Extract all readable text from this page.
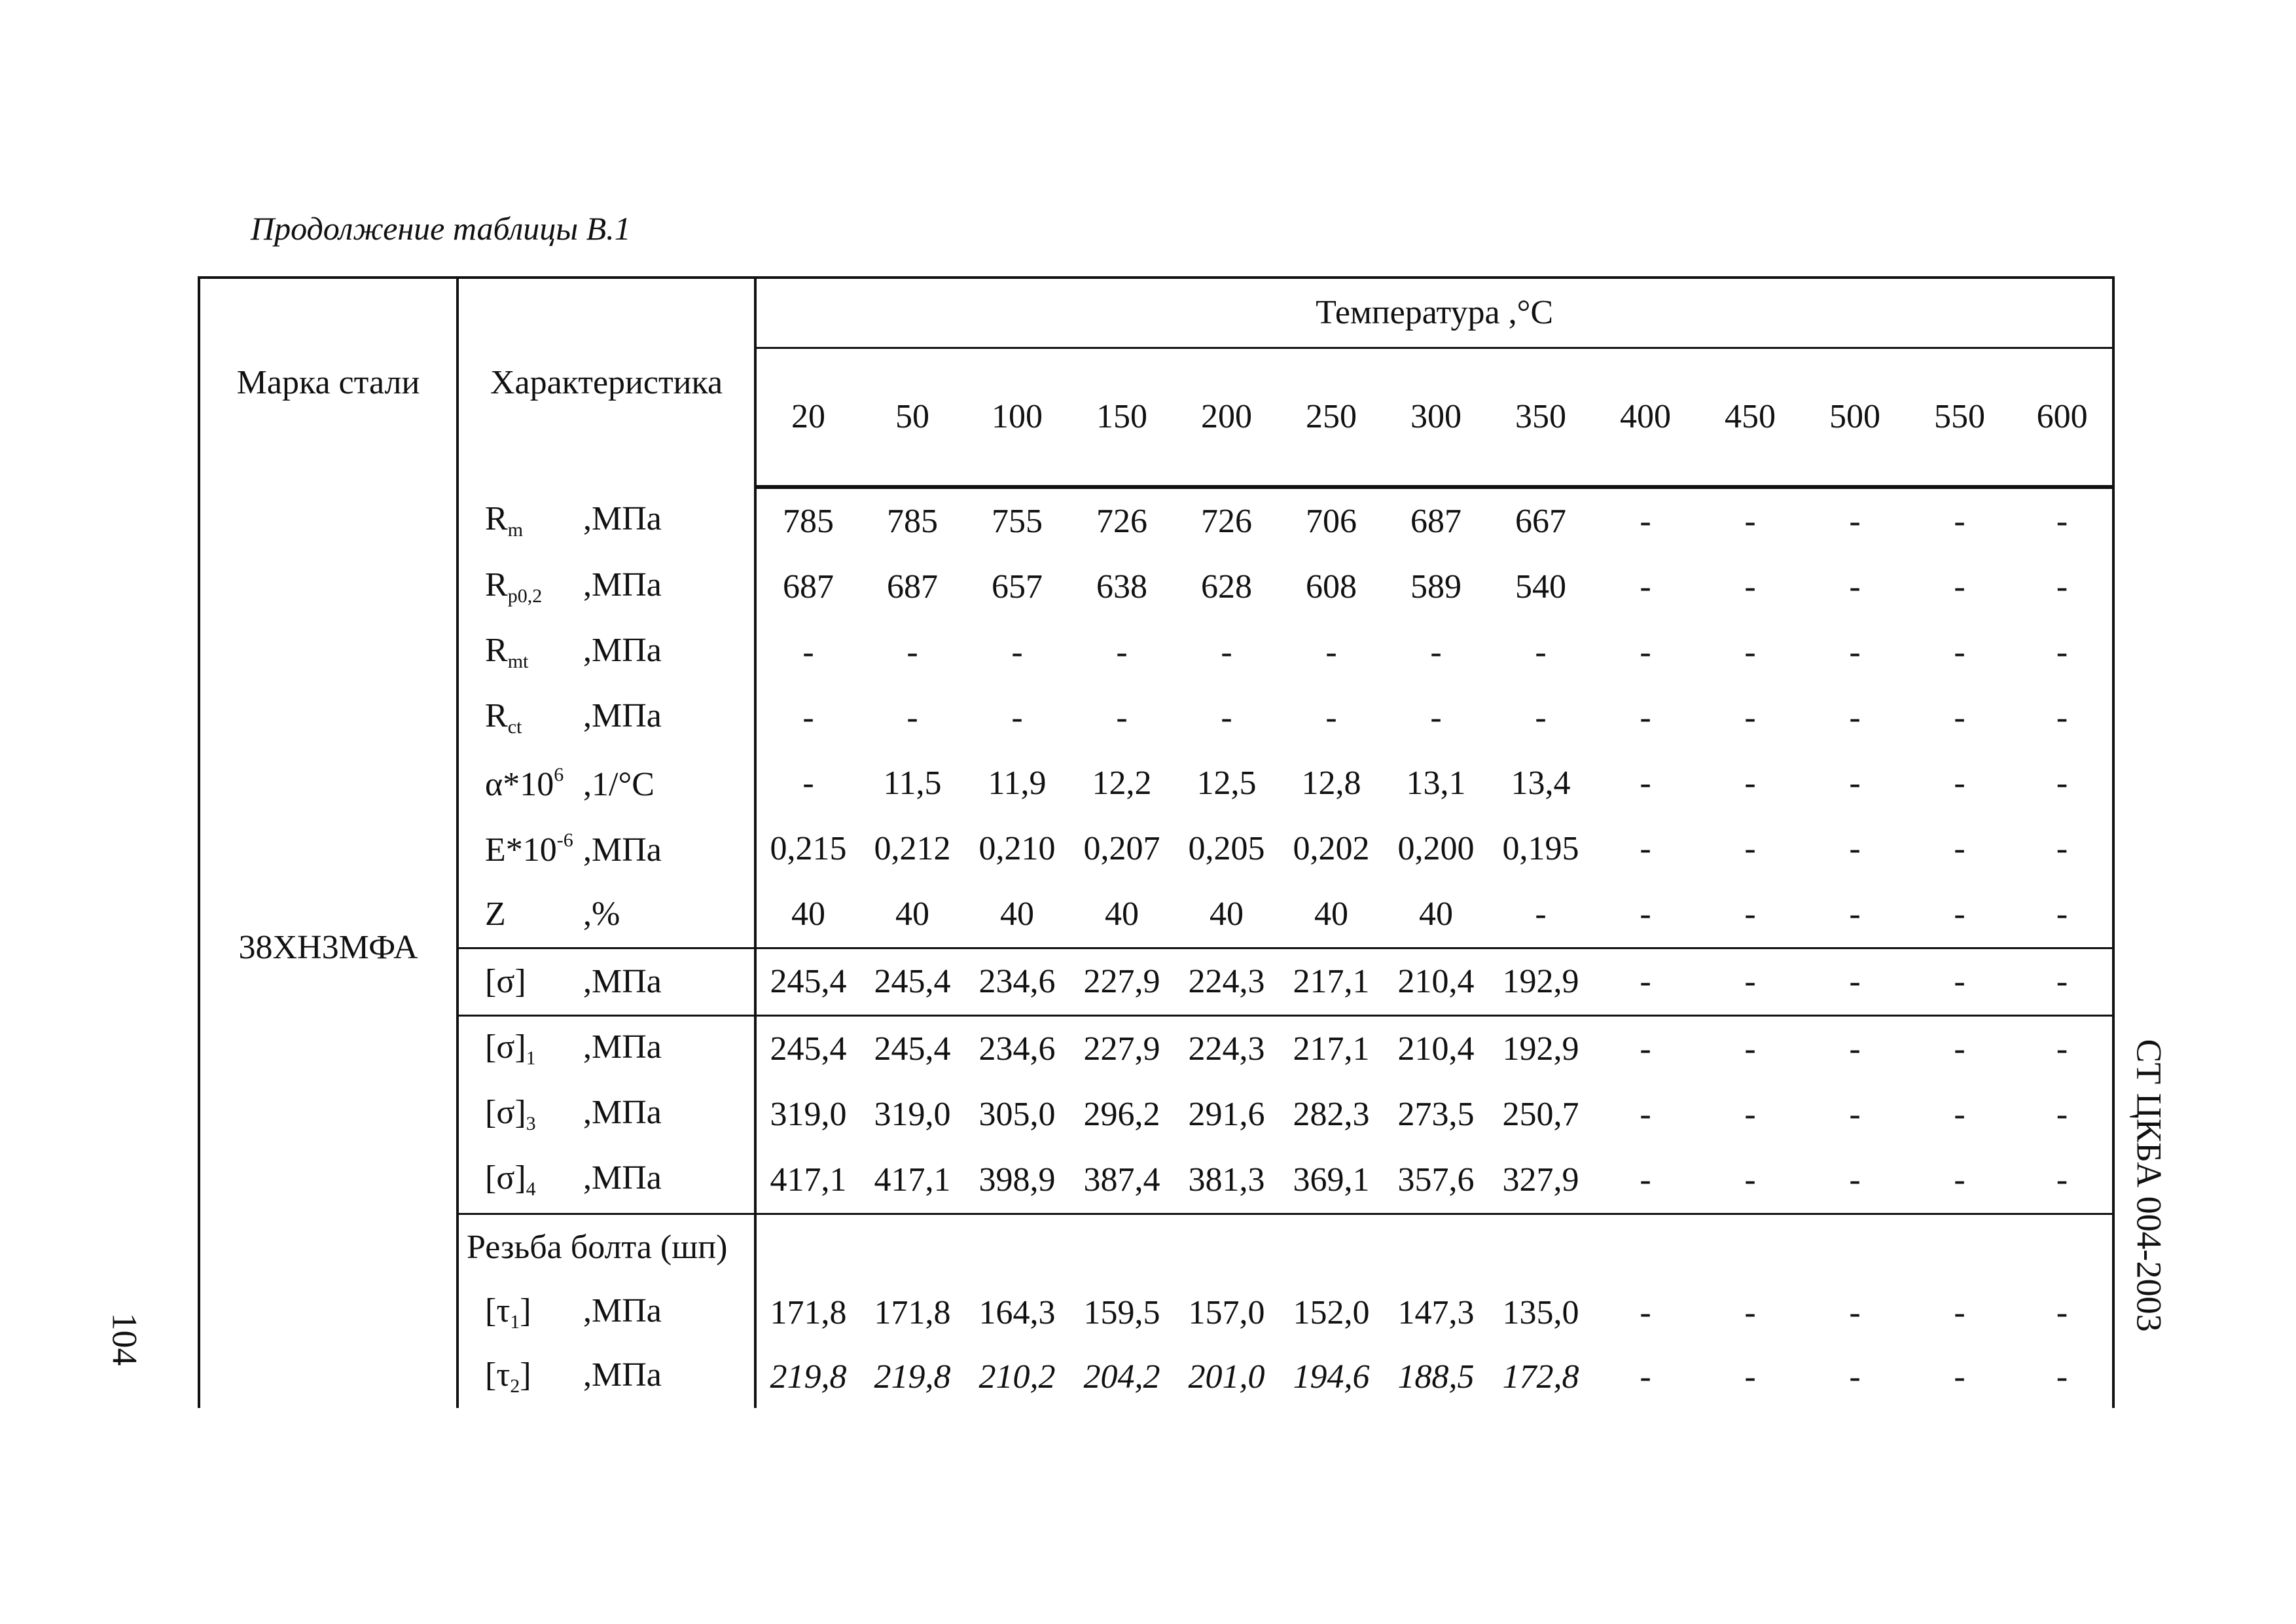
Продолжение таблицы В.1
Марка стали	Характеристика	Температура ,°С												
		20	50	100	150	200	250	300	350	400	450	500	550	600
38ХН3МФА	$R_m$ ,МПа	785	785	755	726	726	706	687	667	-	-	-	-	-
	$R_{p0,2}$ ,МПа	687	687	657	638	628	608	589	540	-	-	-	-	-
	$R_{mt}$ ,МПа	-	-	-	-	-	-	-	-	-	-	-	-	-
	$R_{ct}$ ,МПа	-	-	-	-	-	-	-	-	-	-	-	-	-
	$\alpha*10^6,1/^\circ С$	-	11,5	11,9	12,2	12,5	12,8	13,1	13,4	-	-	-	-	-
	$E*10^{-6},МПа$	0,215	0,212	0,210	0,207	0,205	0,202	0,200	0,195	-	-	-	-	-
	Z ,%	40	40	40	40	40	40	40	-	-	-	-	-	-
	[σ] ,МПа	245,4	245,4	234,6	227,9	224,3	217,1	210,4	192,9	-	-	-	-	-
	$[\sigma]_1$ ,МПа	245,4	245,4	234,6	227,9	224,3	217,1	210,4	192,9	-	-	-	-	-
	$[\sigma]_3$ ,МПа	319,0	319,0	305,0	296,2	291,6	282,3	273,5	250,7	-	-	-	-	-
	$[\sigma]_4$ ,МПа	417,1	417,1	398,9	387,4	381,3	369,1	357,6	327,9	-	-	-	-	-
	Резьба болта (шп)													
	$[\tau_1]$ ,МПа	171,8	171,8	164,3	159,5	157,0	152,0	147,3	135,0	-	-	-	-	-
	$[\tau_2]$ ,МПа	219,8	219,8	210,2	204,2	201,0	194,6	188,5	172,8	-	-	-	-	-
104
СТ ЦКБА 004-2003
